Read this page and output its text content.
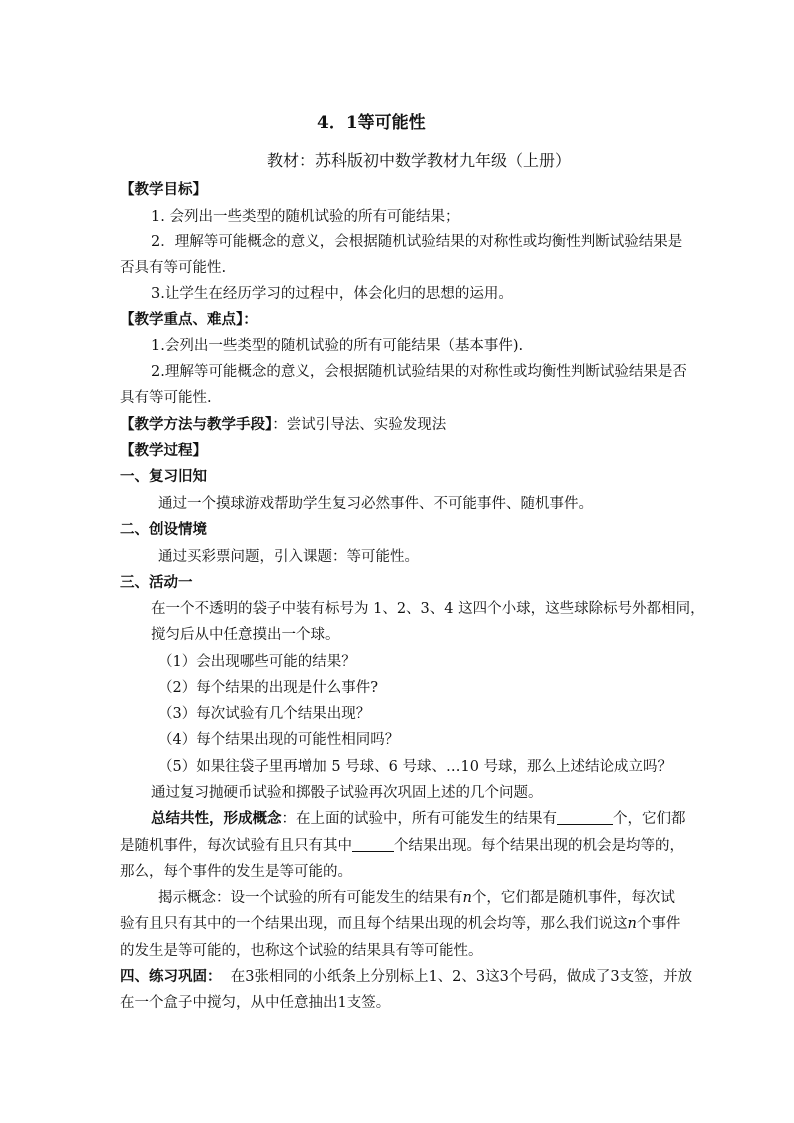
4．1等可能性
教材：苏科版初中数学教材九年级（上册）
【教学目标】
1. 会列出一些类型的随机试验的所有可能结果；
2．理解等可能概念的意义，会根据随机试验结果的对称性或均衡性判断试验结果是
否具有等可能性.
3.让学生在经历学习的过程中，体会化归的思想的运用。
【教学重点、难点】：
1.会列出一些类型的随机试验的所有可能结果（基本事件).
2.理解等可能概念的意义，会根据随机试验结果的对称性或均衡性判断试验结果是否
具有等可能性.
【教学方法与教学手段】：尝试引导法、实验发现法
【教学过程】
一、复习旧知
通过一个摸球游戏帮助学生复习必然事件、不可能事件、随机事件。
二、创设情境
通过买彩票问题，引入课题：等可能性。
三、活动一
在一个不透明的袋子中装有标号为 1、2、3、4 这四个小球，这些球除标号外都相同，
搅匀后从中任意摸出一个球。
（1）会出现哪些可能的结果？
（2）每个结果的出现是什么事件?
（3）每次试验有几个结果出现？
（4）每个结果出现的可能性相同吗？
（5）如果往袋子里再增加 5 号球、6 号球、…10 号球，那么上述结论成立吗？
通过复习抛硬币试验和掷骰子试验再次巩固上述的几个问题。
总结共性，形成概念：在上面的试验中，所有可能发生的结果有	个，它们都
是随机事件，每次试验有且只有其中	个结果出现。每个结果出现的机会是均等的，
那么，每个事件的发生是等可能的。
揭示概念：设一个试验的所有可能发生的结果有n个，它们都是随机事件，每次试
验有且只有其中的一个结果出现，而且每个结果出现的机会均等，那么我们说这n个事件
的发生是等可能的，也称这个试验的结果具有等可能性。
四、练习巩固： 在3张相同的小纸条上分别标上1、2、3这3个号码，做成了3支签，并放
在一个盒子中搅匀，从中任意抽出1支签。
